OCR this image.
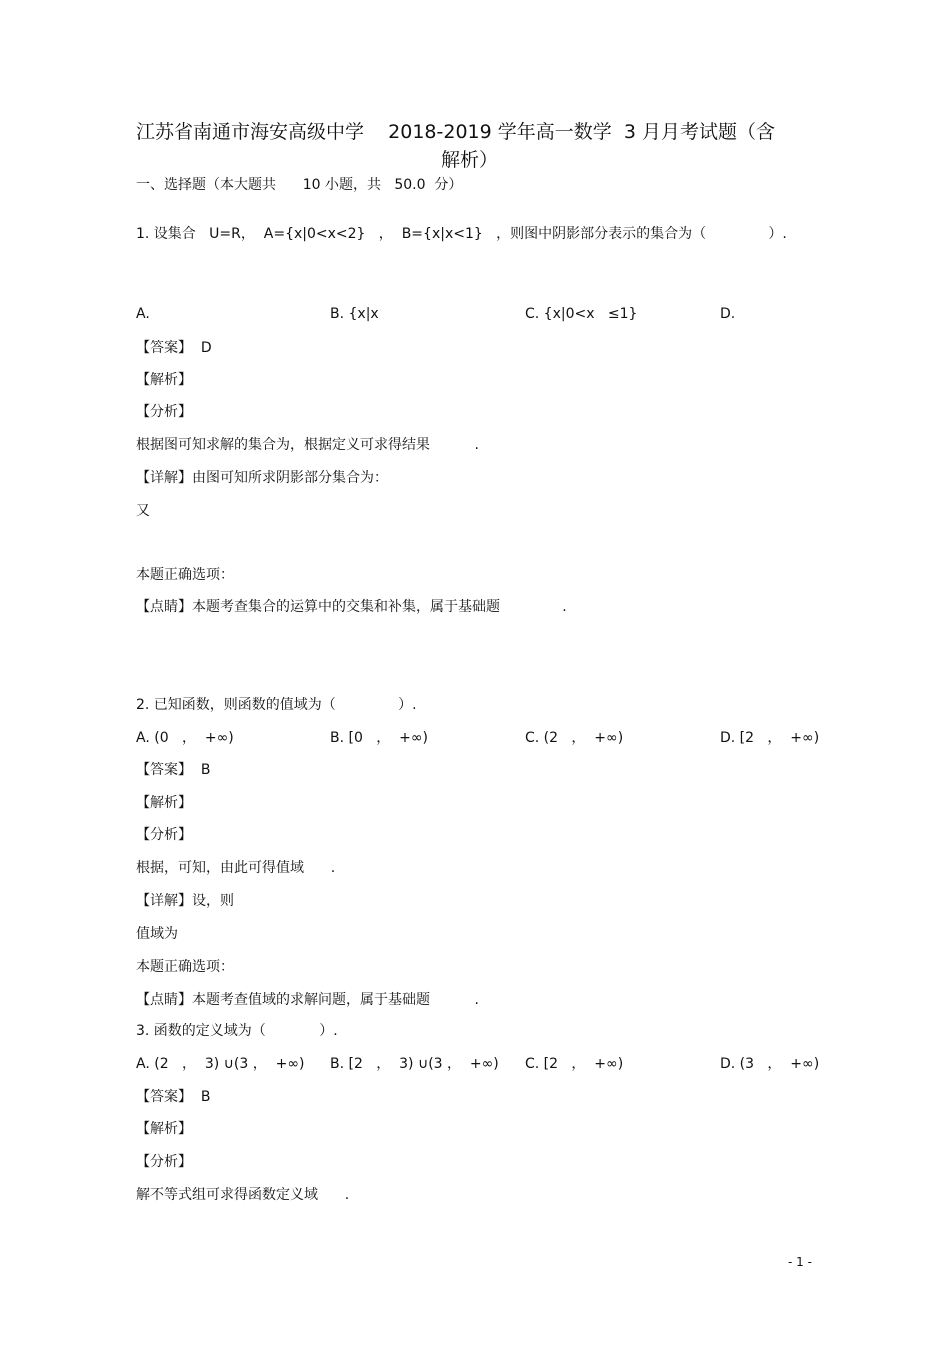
江苏省南通市海安高级中学    2018-2019 学年高一数学  3 月月考试题（含
解析）
一、选择题（本大题共      10 小题，共   50.0  分）
1. 设集合   U=R，  A={x|0<x<2}   ，  B={x|x<1}   ，则图中阴影部分表示的集合为（              ）.
A.	B. {x|x	C. {x|0<x   ≤1}	D.
【答案】  D
【解析】
【分析】
根据图可知求解的集合为，根据定义可求得结果          .
【详解】由图可知所求阴影部分集合为：
又
本题正确选项：
【点睛】本题考查集合的运算中的交集和补集，属于基础题              .
2. 已知函数，则函数的值域为（              ）.
A. (0   ，  +∞)	B. [0   ，  +∞)	C. (2   ，  +∞)	D. [2   ，  +∞)
【答案】  B
【解析】
【分析】
根据，可知，由此可得值域      .
【详解】设，则
值域为
本题正确选项：
【点睛】本题考查值域的求解问题，属于基础题          .
3. 函数的定义域为（            ）.
A. (2   ，  3) ∪(3 ，  +∞) B. [2   ，  3) ∪(3 ，  +∞) C. [2   ，  +∞)	D. (3   ，  +∞)
【答案】  B
【解析】
【分析】
解不等式组可求得函数定义域      .
- 1 -
